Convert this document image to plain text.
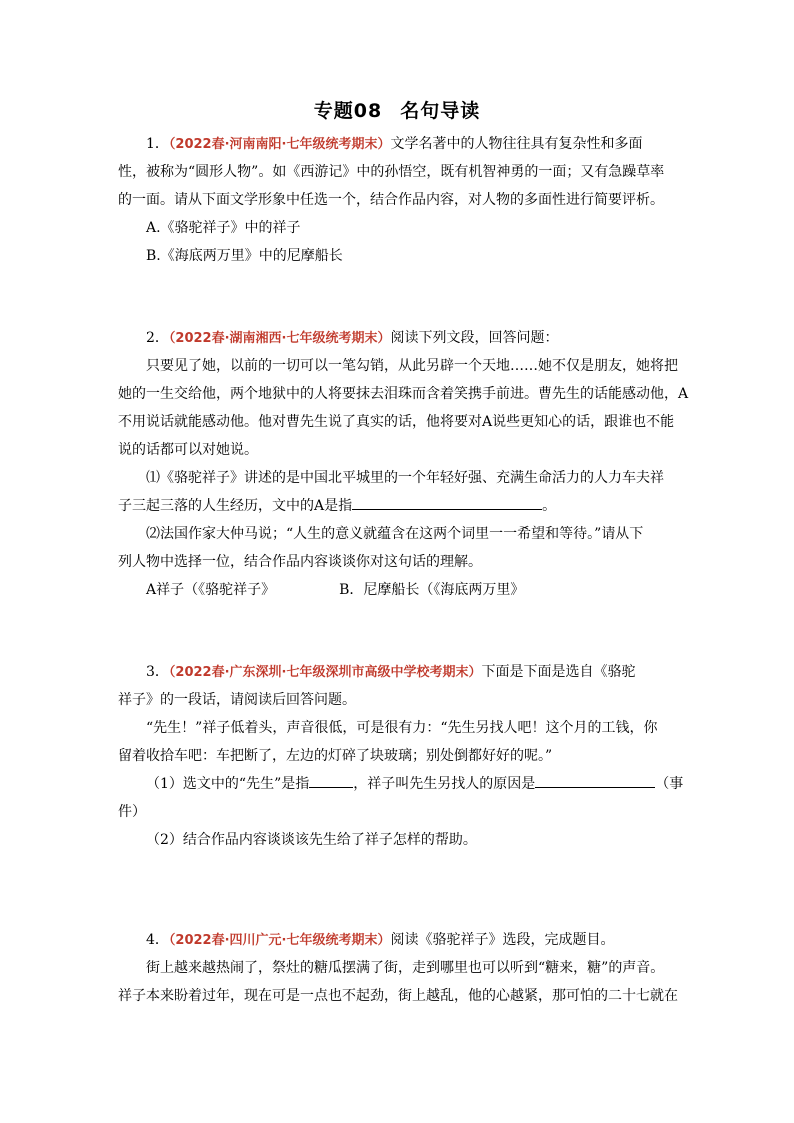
专题08 名句导读
1．（2022春·河南南阳·七年级统考期末）文学名著中的人物往往具有复杂性和多面
性，被称为“圆形人物”。如《西游记》中的孙悟空，既有机智神勇的一面；又有急躁草率
的一面。请从下面文学形象中任选一个，结合作品内容，对人物的多面性进行简要评析。
A.《骆驼祥子》中的祥子
B.《海底两万里》中的尼摩船长
2．（2022春·湖南湘西·七年级统考期末）阅读下列文段，回答问题：
只要见了她，以前的一切可以一笔勾销，从此另辟一个天地……她不仅是朋友，她将把
她的一生交给他，两个地狱中的人将要抹去泪珠而含着笑携手前进。曹先生的话能感动他，A
不用说话就能感动他。他对曹先生说了真实的话，他将要对A说些更知心的话，跟谁也不能
说的话都可以对她说。
⑴《骆驼祥子》讲述的是中国北平城里的一个年轻好强、充满生命活力的人力车夫祥
子三起三落的人生经历，文中的A是指	。
⑵法国作家大仲马说；“人生的意义就蕴含在这两个词里一一希望和等待。”请从下
列人物中选择一位，结合作品内容谈谈你对这句话的理解。
A祥子（《骆驼祥子》	B．尼摩船长（《海底两万里》
3．（2022春·广东深圳·七年级深圳市高级中学校考期末）下面是下面是选自《骆驼
祥子》的一段话，请阅读后回答问题。
“先生！”祥子低着头，声音很低，可是很有力：“先生另找人吧！这个月的工钱，你
留着收拾车吧：车把断了，左边的灯碎了块玻璃；别处倒都好好的呢。”
（1）选文中的“先生”是指	，祥子叫先生另找人的原因是	（事
件）
（2）结合作品内容谈谈该先生给了祥子怎样的帮助。
4．（2022春·四川广元·七年级统考期末）阅读《骆驼祥子》选段，完成题目。
街上越来越热闹了，祭灶的糖瓜摆满了街，走到哪里也可以听到“糖来，糖”的声音。
祥子本来盼着过年，现在可是一点也不起劲，街上越乱，他的心越紧，那可怕的二十七就在
